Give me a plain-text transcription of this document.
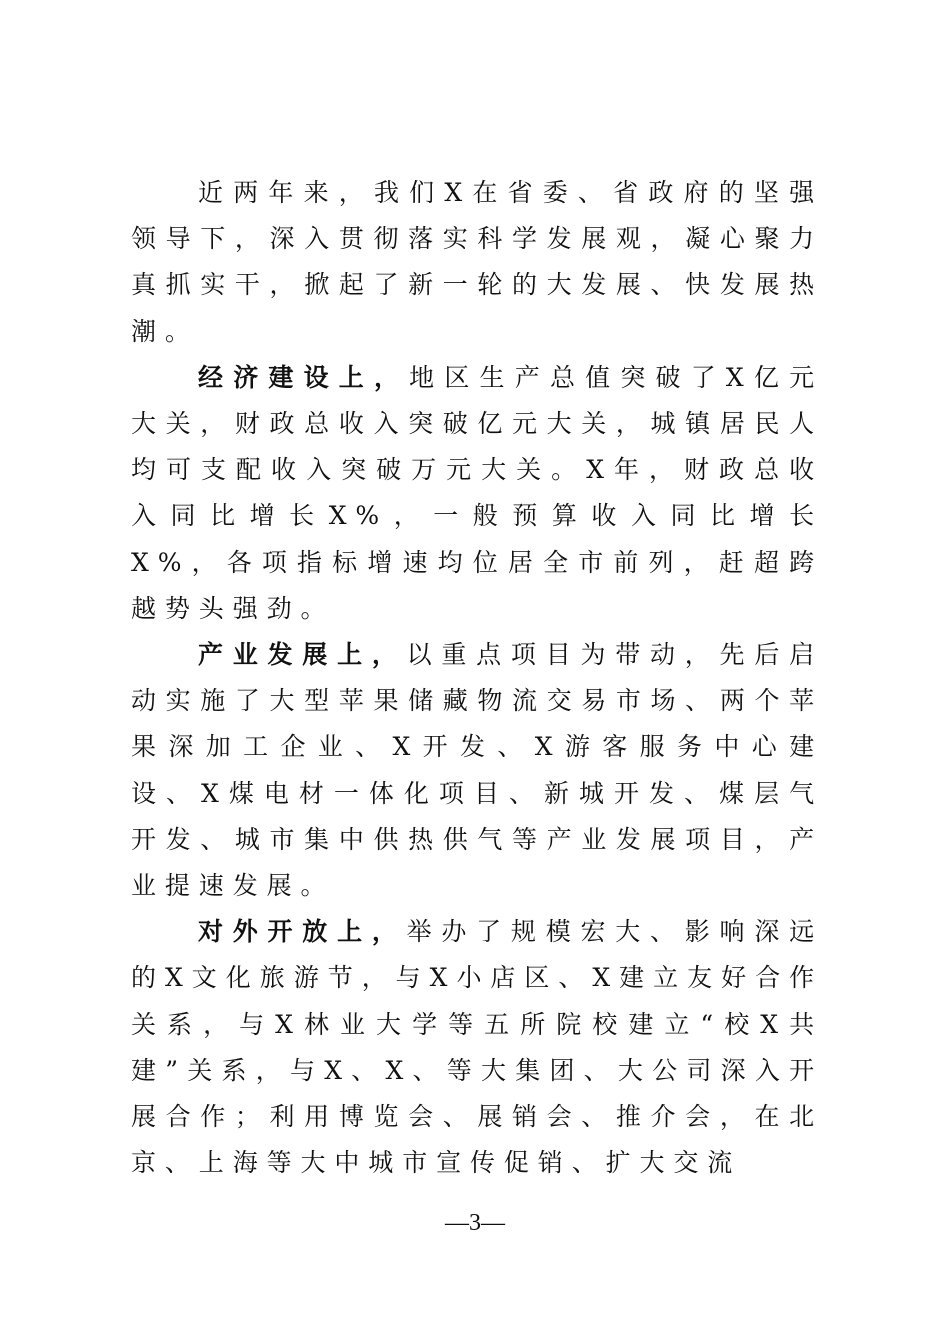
近两年来，我们X在省委、省政府的坚强领导下，深入贯彻落实科学发展观，凝心聚力真抓实干，掀起了新一轮的大发展、快发展热潮。

经济建设上，地区生产总值突破了X亿元大关，财政总收入突破亿元大关，城镇居民人均可支配收入突破万元大关。X年，财政总收入同比增长X%，一般预算收入同比增长X%，各项指标增速均位居全市前列，赶超跨越势头强劲。

产业发展上，以重点项目为带动，先后启动实施了大型苹果储藏物流交易市场、两个苹果深加工企业、X开发、X游客服务中心建设、X煤电材一体化项目、新城开发、煤层气开发、城市集中供热供气等产业发展项目，产业提速发展。

对外开放上，举办了规模宏大、影响深远的X文化旅游节，与X小店区、X建立友好合作关系，与X林业大学等五所院校建立“校X共建”关系，与X、X、等大集团、大公司深入开展合作；利用博览会、展销会、推介会，在北京、上海等大中城市宣传促销、扩大交流

—3—
